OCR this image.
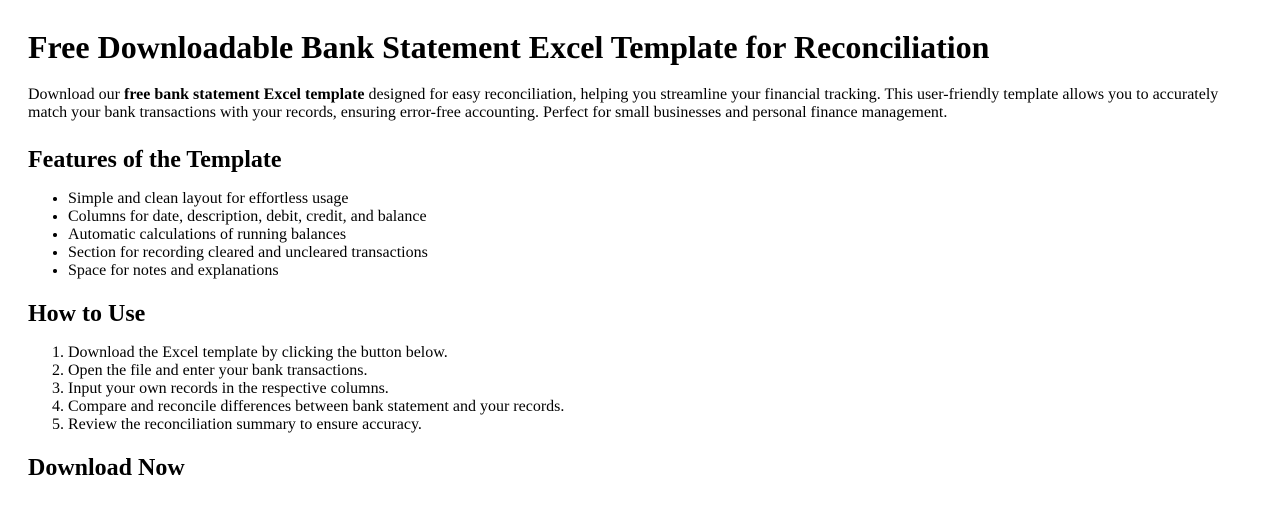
Free Downloadable Bank Statement Excel Template for Reconciliation

Download our free bank statement Excel template designed for easy reconciliation, helping you streamline your financial tracking. This user-friendly template allows you to accurately match your bank transactions with your records, ensuring error-free accounting. Perfect for small businesses and personal finance management.

Features of the Template
• Simple and clean layout for effortless usage
• Columns for date, description, debit, credit, and balance
• Automatic calculations of running balances
• Section for recording cleared and uncleared transactions
• Space for notes and explanations
How to Use
1. Download the Excel template by clicking the button below.
2. Open the file and enter your bank transactions.
3. Input your own records in the respective columns.
4. Compare and reconcile differences between bank statement and your records.
5. Review the reconciliation summary to ensure accuracy.
Download Now
